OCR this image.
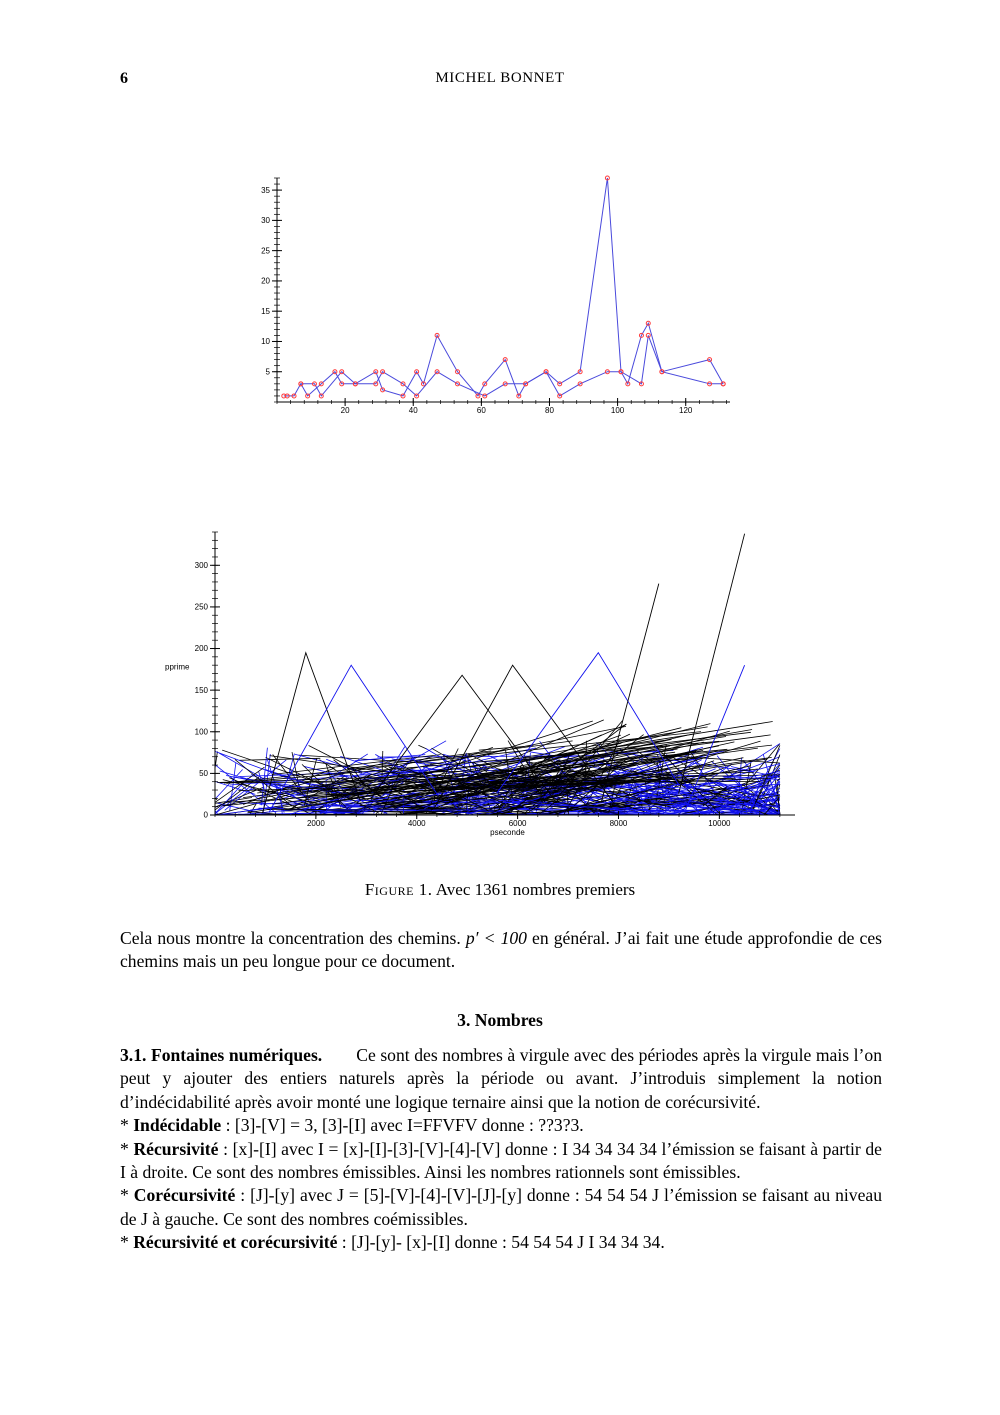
6	MICHEL BONNET
20	40	60	80	100	120
5
10
15
20
25
30
35
2000	4000	6000	8000	10000
0
50
100
150
200
250
300
pseconde
pprime
Figure 1. Avec 1361 nombres premiers

Cela nous montre la concentration des chemins. p′ < 100 en général. J’ai fait une étude approfondie de ces chemins mais un peu longue pour ce document.

3. Nombres

3.1. Fontaines numériques. Ce sont des nombres à virgule avec des périodes après la virgule mais l’on peut y ajouter des entiers naturels après la période ou avant. J’introduis simplement la notion d’indécidabilité après avoir monté une logique ternaire ainsi que la notion de corécursivité.

* Indécidable : [3]-[V] = 3, [3]-[I] avec I=FFVFV donne : ??3?3.

* Récursivité : [x]-[I] avec I = [x]-[I]-[3]-[V]-[4]-[V] donne : I 34 34 34 34 l’émission se faisant à partir de I à droite. Ce sont des nombres émissibles. Ainsi les nombres rationnels sont émissibles.

* Corécursivité : [J]-[y] avec J = [5]-[V]-[4]-[V]-[J]-[y] donne : 54 54 54 J l’émission se faisant au niveau de J à gauche. Ce sont des nombres coémissibles.

* Récursivité et corécursivité : [J]-[y]- [x]-[I] donne : 54 54 54 J I 34 34 34.
